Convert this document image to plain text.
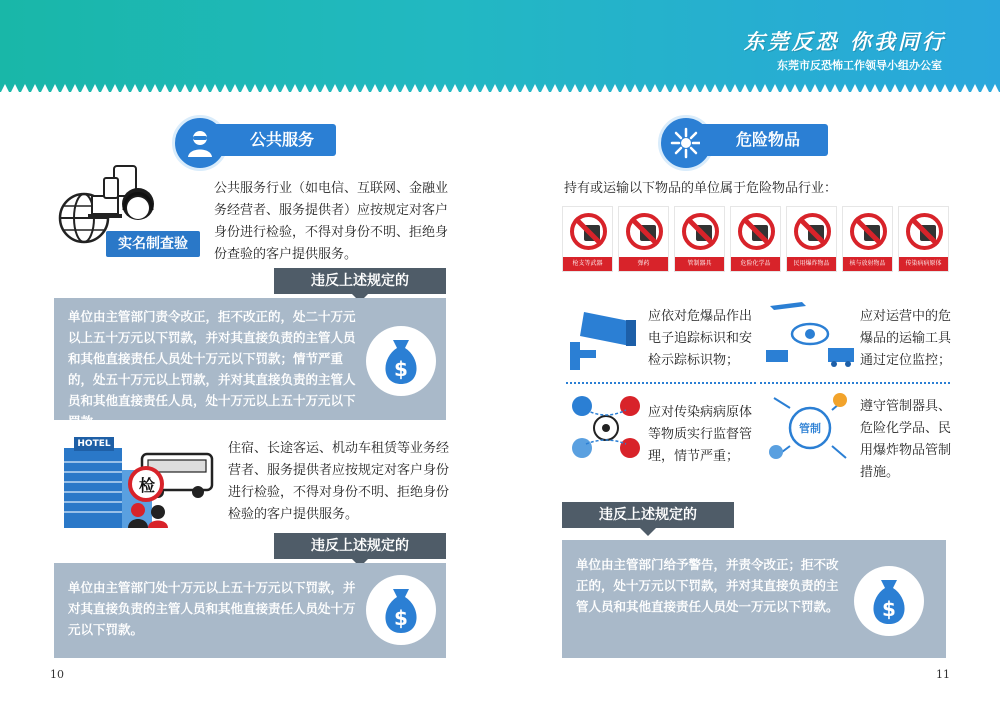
东莞反恐 你我同行
东莞市反恐怖工作领导小组办公室
公共服务业
实名制查验
公共服务行业（如电信、互联网、金融业务经营者、服务提供者）应按规定对客户身份进行检验，不得对身份不明、拒绝身份查验的客户提供服务。
违反上述规定的

单位由主管部门责令改正，拒不改正的，处二十万元以上五十万元以下罚款，并对其直接负责的主管人员和其他直接责任人员处十万元以下罚款；情节严重的，处五十万元以上罚款，并对其直接负责的主管人员和其他直接责任人员，处十万元以上五十万元以下罚款。

$
HOTEL
检
住宿、长途客运、机动车租赁等业务经营者、服务提供者应按规定对客户身份进行检验，不得对身份不明、拒绝身份检验的客户提供服务。
违反上述规定的

单位由主管部门处十万元以上五十万元以下罚款，并对其直接负责的主管人员和其他直接责任人员处十万元以下罚款。	$
10
危险物品行业
持有或运输以下物品的单位属于危险物品行业：
枪支等武器	弹药	管制器具	危险化学品	民用爆炸物品	核与放射物品	传染病病原体
应依对危爆品作出电子追踪标识和安检示踪标识物；
应对运营中的危爆品的运输工具通过定位监控；
应对传染病病原体等物质实行监督管理，情节严重；
管制
遵守管制器具、危险化学品、民用爆炸物品管制措施。
违反上述规定的

单位由主管部门给予警告，并责令改正；拒不改正的，处十万元以下罚款，并对其直接负责的主管人员和其他直接责任人员处一万元以下罚款。	$
11
